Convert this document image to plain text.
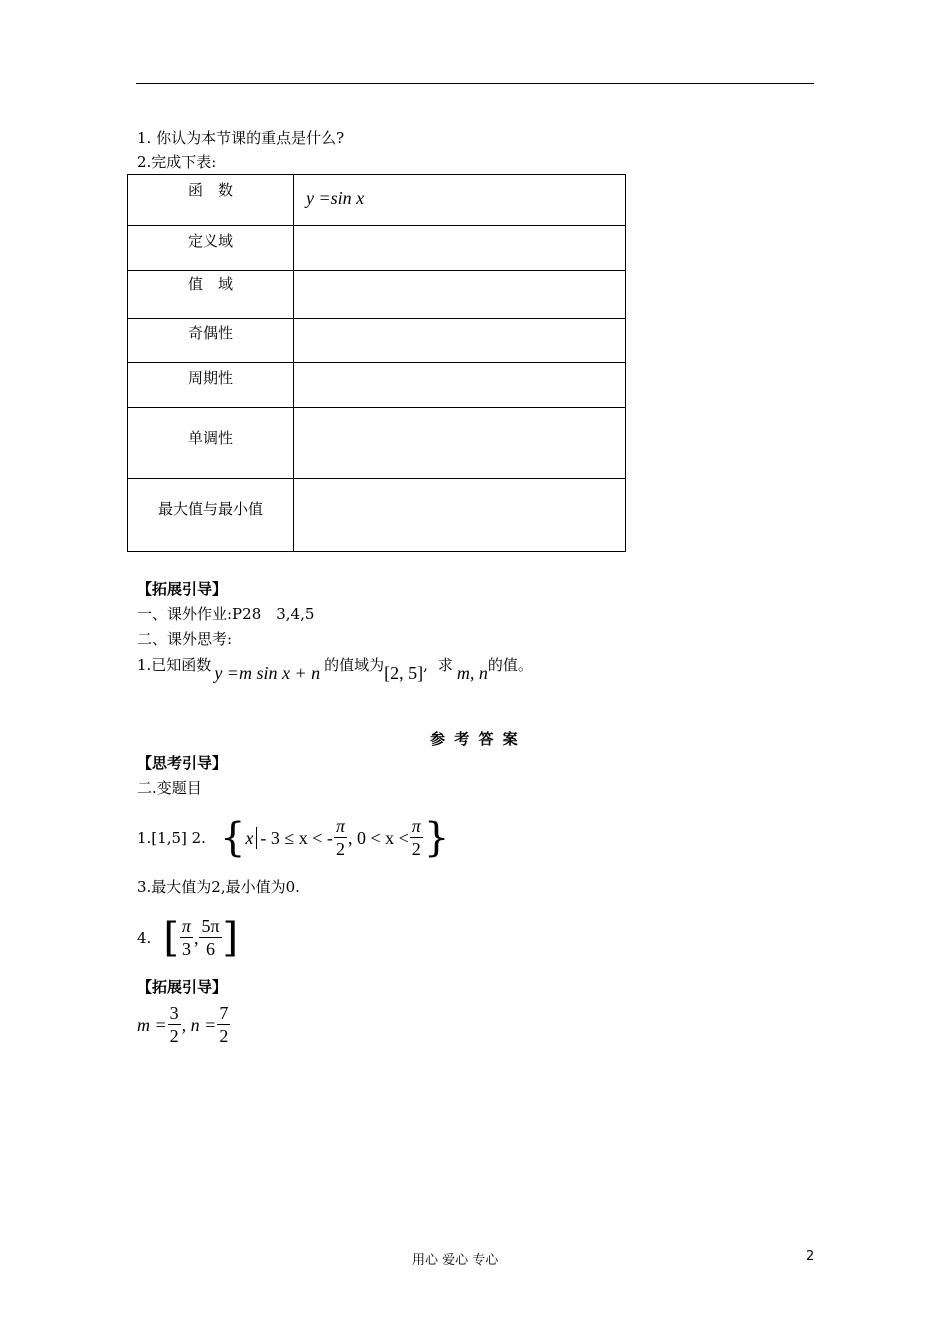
1. 你认为本节课的重点是什么?
2.完成下表:
函　数	y =sin x
定义域	
值　域	
奇偶性	
周期性	
单调性	
最大值与最小值	
【拓展引导】
一、课外作业:P28　3,4,5
二、课外思考:
1.已知函数 y =m sin x + n 的值域为[2, 5], 求 m, n的值。
参 考 答 案
【思考引导】
二.变题目
1.[1,5] 2. { x - 3 ≤ x < - $\frac{\pi}{2}$ , $0 < x < \frac{\pi}{2}$ }
3.最大值为2,最小值为0.
4. [ $\frac{\pi}{3}$ , $\frac{5\pi}{6}$ ]
【拓展引导】
$m = \frac{3}{2}$ , $n = \frac{7}{2}$
用心 爱心 专心	2
